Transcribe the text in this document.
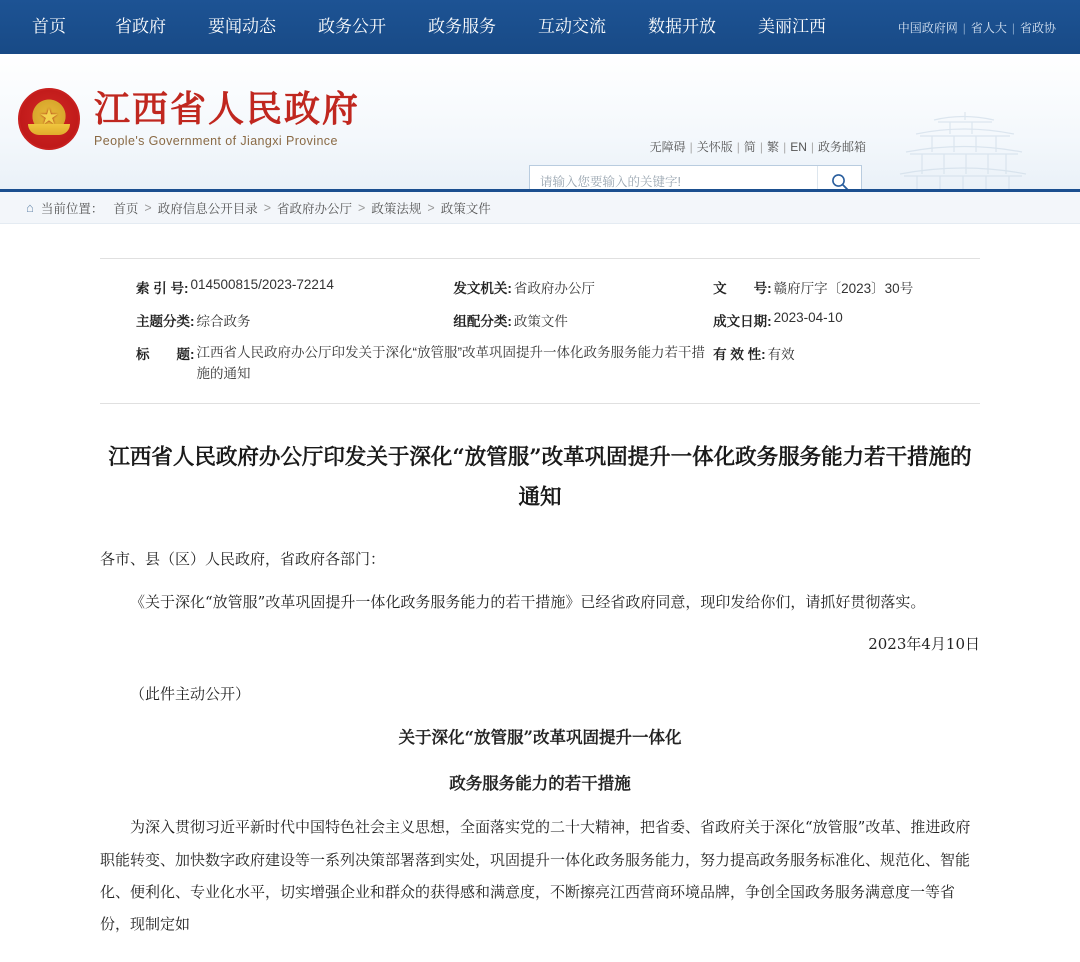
首页	省政府	要闻动态	政务公开	政务服务	互动交流	数据开放	美丽江西	中国政府网 | 省人大 | 省政协
★
江西省人民政府
People's Government of Jiangxi Province	无障碍 | 关怀版 | 简 | 繁 | EN | 政务邮箱
请输入您要输入的关键字!
⌂ 当前位置： 首页 > 政府信息公开目录 > 省政府办公厅 > 政策法规 > 政策文件
索 引 号: 014500815/2023-72214	发文机关: 省政府办公厅	文　　号: 赣府厅字〔2023〕30号
主题分类: 综合政务	组配分类: 政策文件	成文日期: 2023-04-10
标　　题: 江西省人民政府办公厅印发关于深化“放管服”改革巩固提升一体化政务服务能力若干措施的通知
有 效 性: 有效
江西省人民政府办公厅印发关于深化“放管服”改革巩固提升一体化政务服务能力若干措施的通知

各市、县（区）人民政府，省政府各部门：

《关于深化“放管服”改革巩固提升一体化政务服务能力的若干措施》已经省政府同意，现印发给你们，请抓好贯彻落实。

2023年4月10日

（此件主动公开）

关于深化“放管服”改革巩固提升一体化

政务服务能力的若干措施

为深入贯彻习近平新时代中国特色社会主义思想，全面落实党的二十大精神，把省委、省政府关于深化“放管服”改革、推进政府职能转变、加快数字政府建设等一系列决策部署落到实处，巩固提升一体化政务服务能力，努力提高政务服务标准化、规范化、智能化、便利化、专业化水平，切实增强企业和群众的获得感和满意度，不断擦亮江西营商环境品牌，争创全国政务服务满意度一等省份，现制定如
